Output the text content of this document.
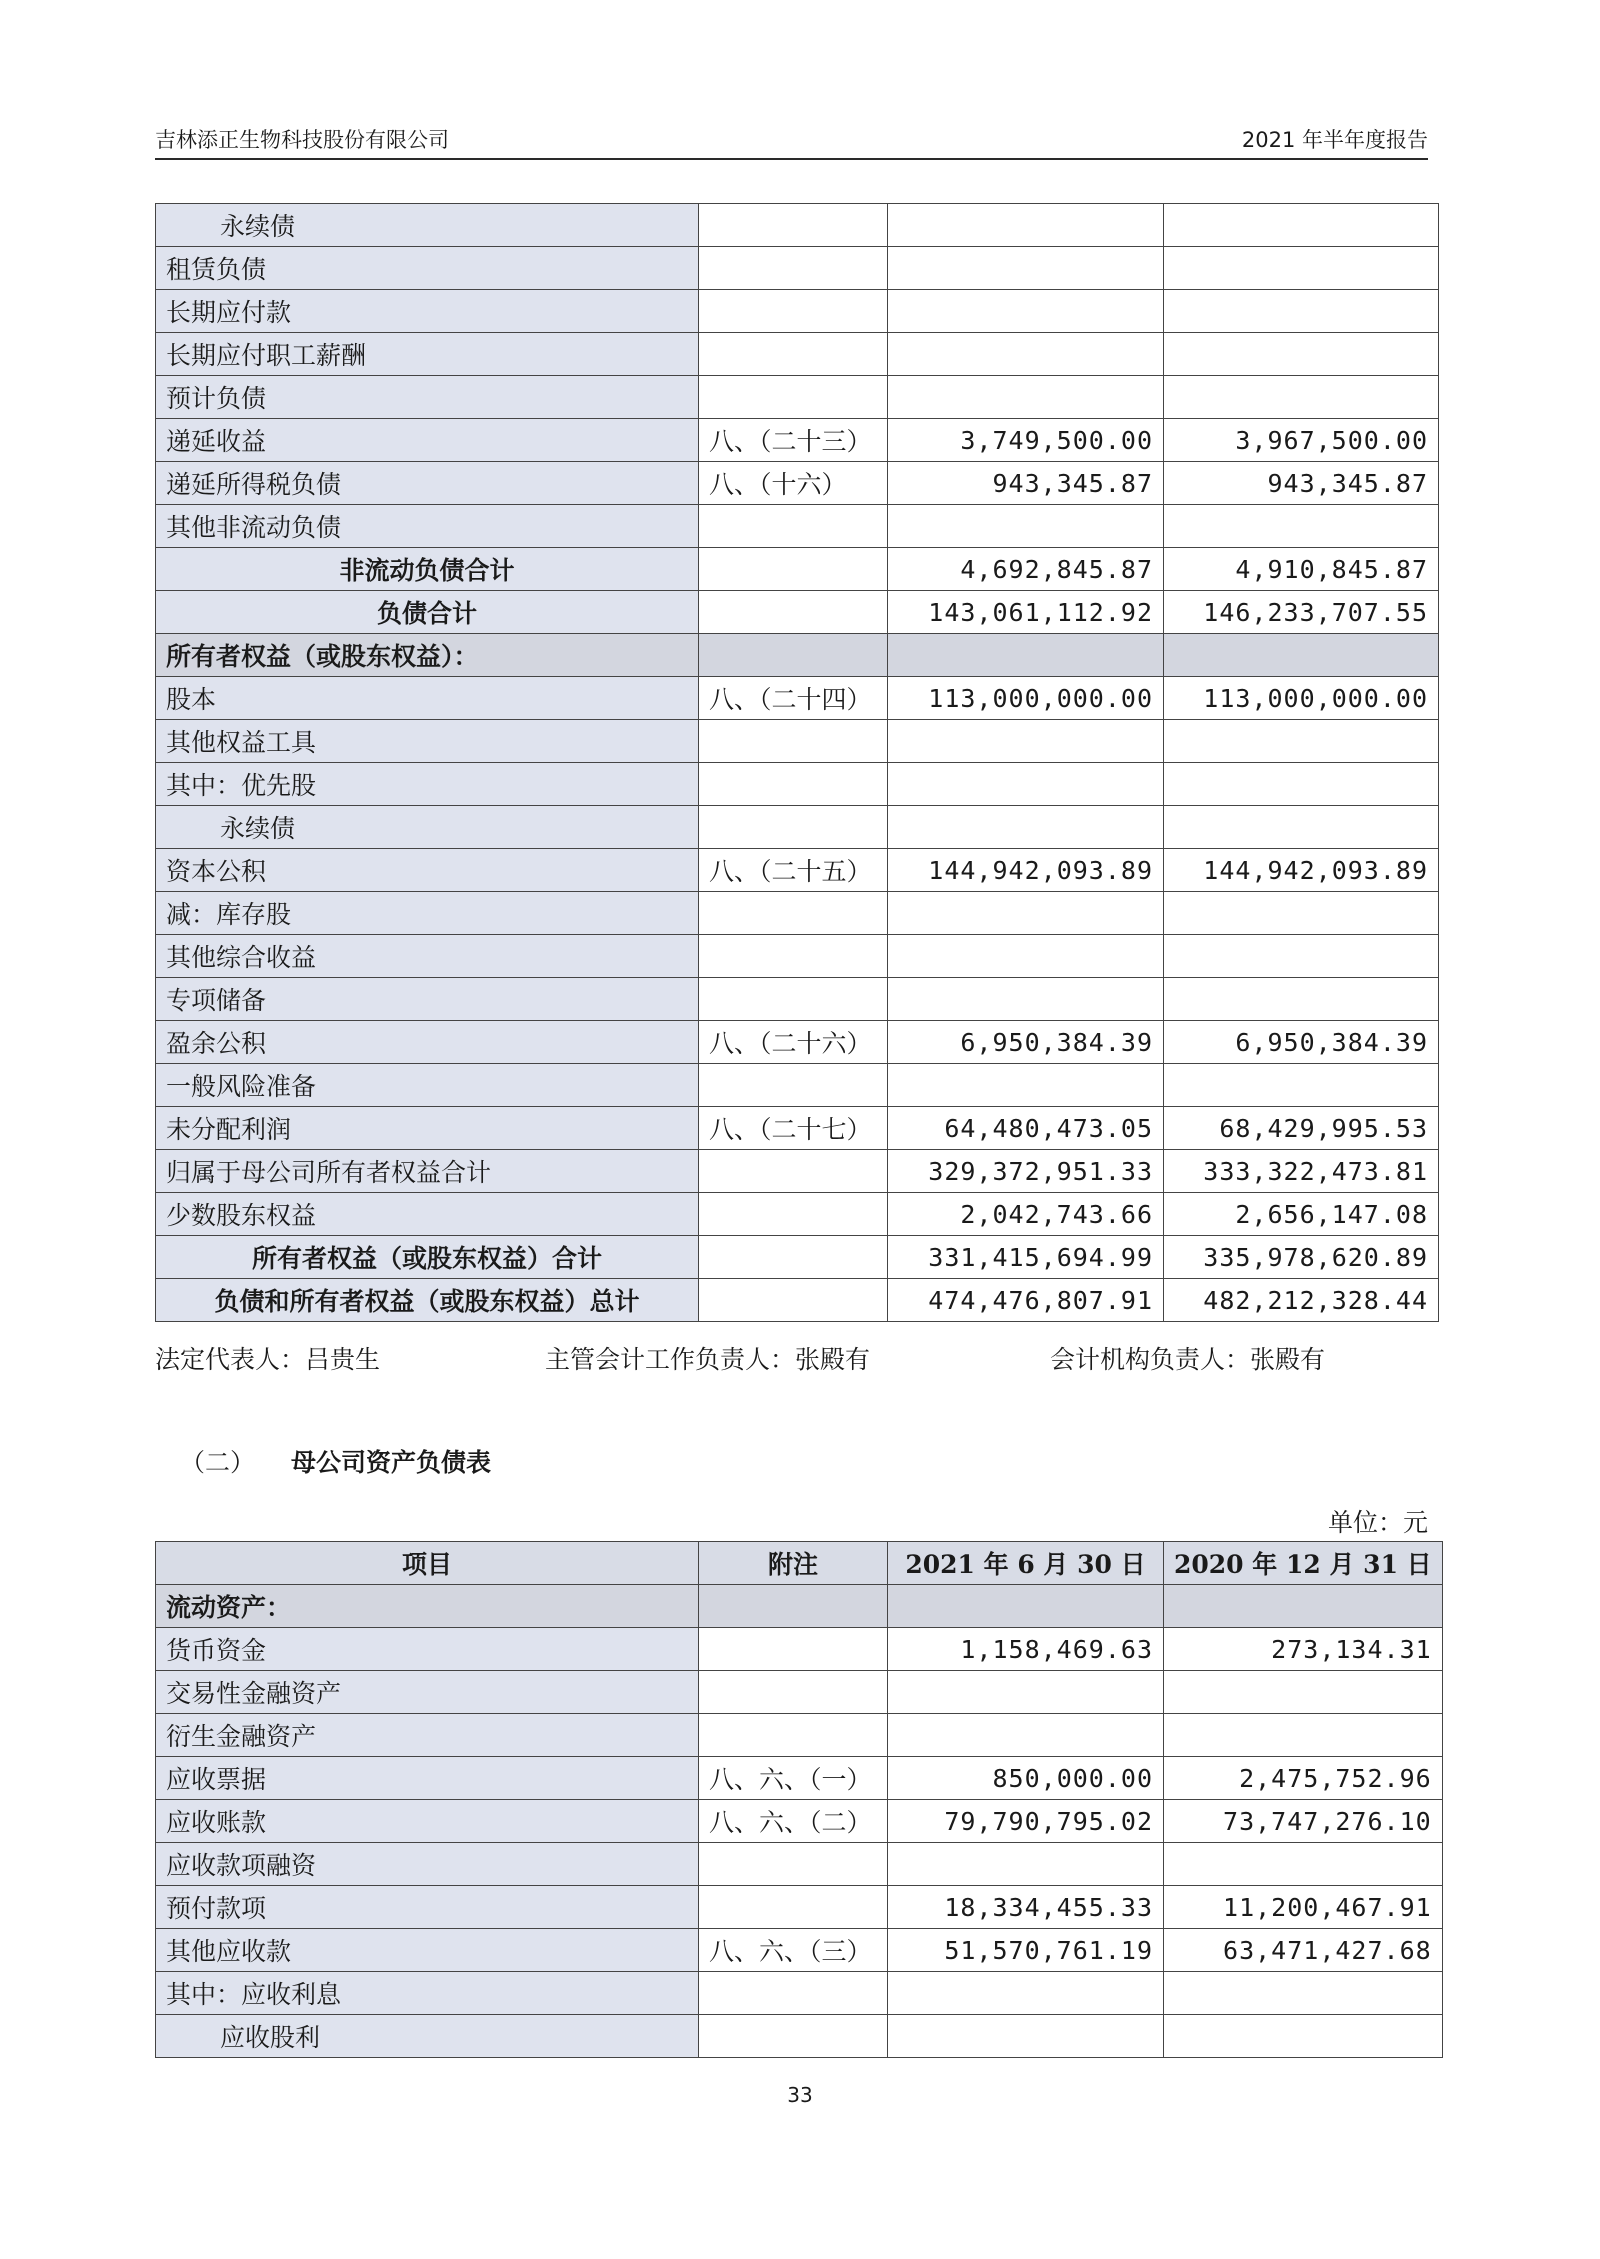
吉林添正生物科技股份有限公司	2021 年半年度报告
永续债			
租赁负债			
长期应付款			
长期应付职工薪酬			
预计负债			
递延收益	八、（二十三）	3,749,500.00	3,967,500.00
递延所得税负债	八、（十六）	943,345.87	943,345.87
其他非流动负债			
非流动负债合计		4,692,845.87	4,910,845.87
负债合计		143,061,112.92	146,233,707.55
所有者权益（或股东权益）：			
股本	八、（二十四）	113,000,000.00	113,000,000.00
其他权益工具			
其中：优先股			
永续债			
资本公积	八、（二十五）	144,942,093.89	144,942,093.89
减：库存股			
其他综合收益			
专项储备			
盈余公积	八、（二十六）	6,950,384.39	6,950,384.39
一般风险准备			
未分配利润	八、（二十七）	64,480,473.05	68,429,995.53
归属于母公司所有者权益合计		329,372,951.33	333,322,473.81
少数股东权益		2,042,743.66	2,656,147.08
所有者权益（或股东权益）合计		331,415,694.99	335,978,620.89
负债和所有者权益（或股东权益）总计		474,476,807.91	482,212,328.44
法定代表人：吕贵生	主管会计工作负责人：张殿有	会计机构负责人：张殿有
（二） 母公司资产负债表
单位：元
项目	附注	2021 年 6 月 30 日	2020 年 12 月 31 日
流动资产：			
货币资金		1,158,469.63	273,134.31
交易性金融资产			
衍生金融资产			
应收票据	八、六、（一）	850,000.00	2,475,752.96
应收账款	八、六、（二）	79,790,795.02	73,747,276.10
应收款项融资			
预付款项		18,334,455.33	11,200,467.91
其他应收款	八、六、（三）	51,570,761.19	63,471,427.68
其中：应收利息			
应收股利			
33
